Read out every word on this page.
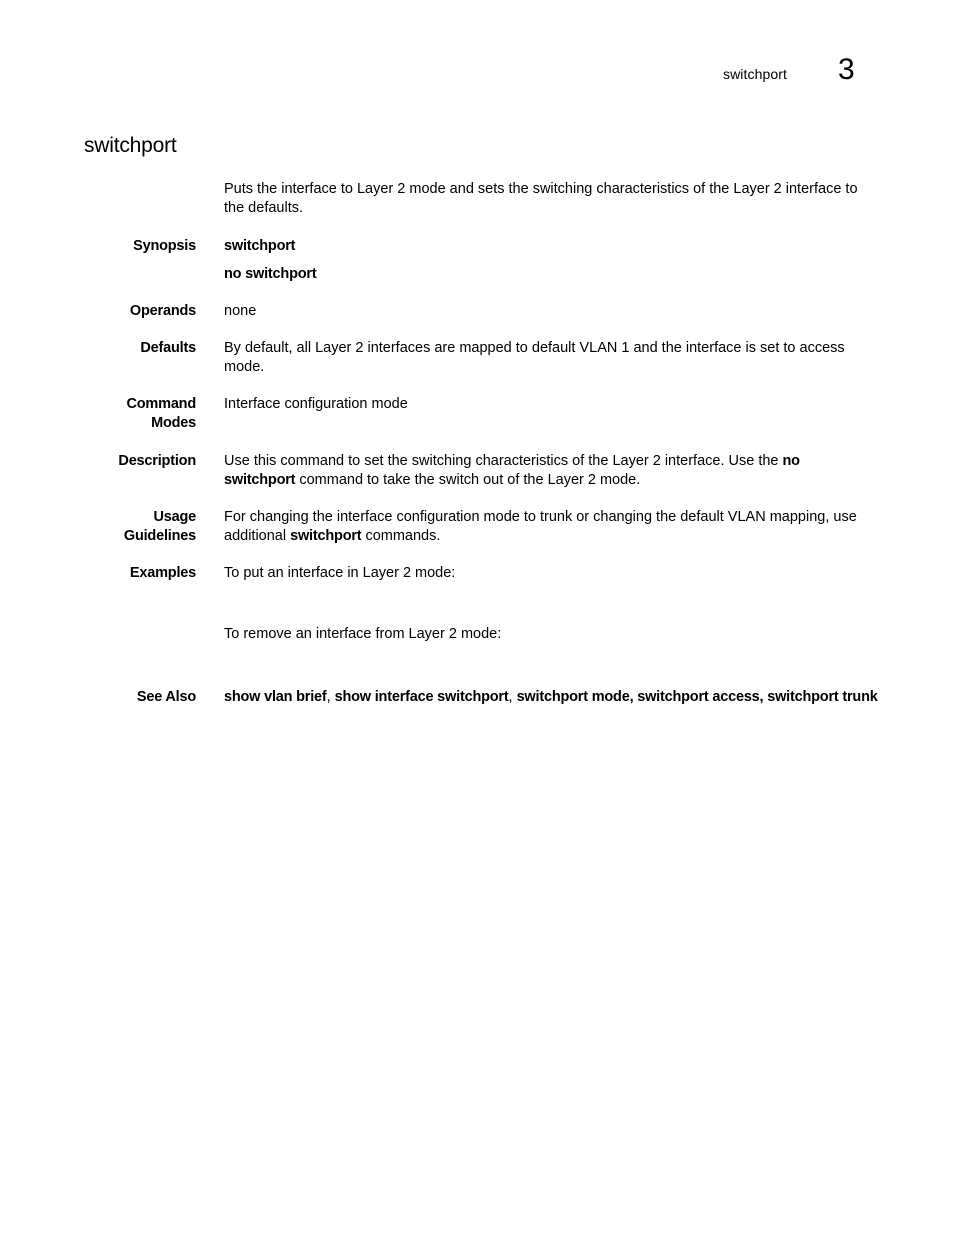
switchport 3
switchport
Puts the interface to Layer 2 mode and sets the switching characteristics of the Layer 2 interface to the defaults.
Synopsis switchport
no switchport
Operands none
Defaults By default, all Layer 2 interfaces are mapped to default VLAN 1 and the interface is set to access mode.
Command
Modes
Interface configuration mode
Description Use this command to set the switching characteristics of the Layer 2 interface. Use the no switchport command to take the switch out of the Layer 2 mode.
Usage
Guidelines
For changing the interface configuration mode to trunk or changing the default VLAN mapping, use additional switchport commands.
Examples To put an interface in Layer 2 mode:
To remove an interface from Layer 2 mode:
See Also show vlan brief, show interface switchport, switchport mode, switchport access, switchport trunk
